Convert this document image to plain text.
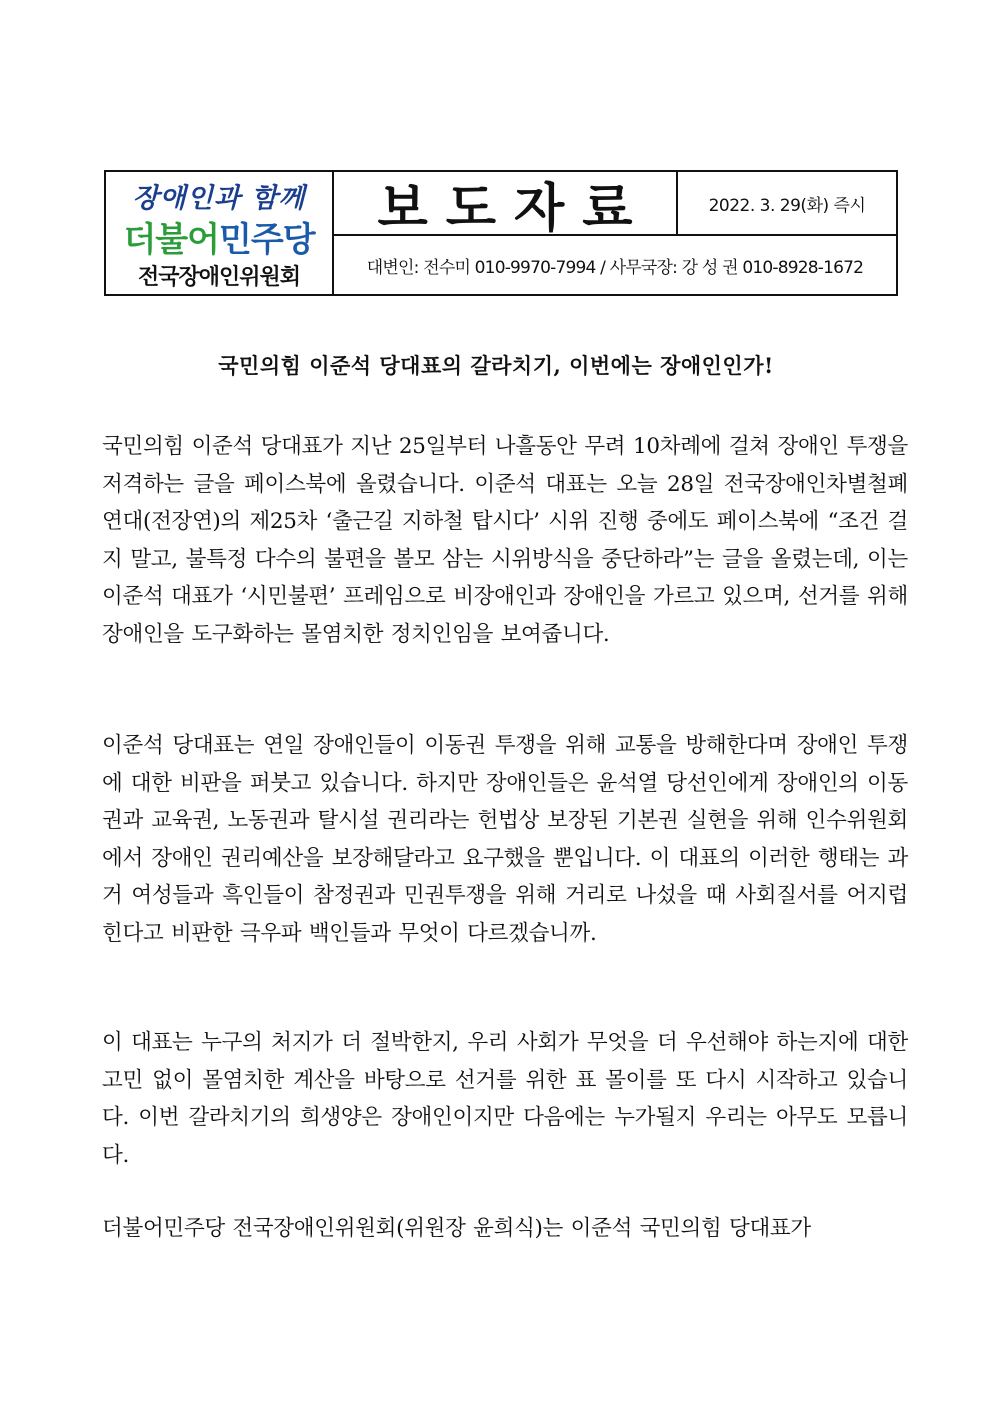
장애인과 함께
더불어민주당
전국장애인위원회
보도자료	2022. 3. 29(화) 즉시
대변인: 전수미 010-9970-7994 / 사무국장: 강 성 권 010-8928-1672
국민의힘 이준석 당대표의 갈라치기, 이번에는 장애인인가!

국민의힘 이준석 당대표가 지난 25일부터 나흘동안 무려 10차례에 걸쳐 장애인 투쟁을 저격하는 글을 페이스북에 올렸습니다. 이준석 대표는 오늘 28일 전국장애인차별철폐연대(전장연)의 제25차 ‘출근길 지하철 탑시다’ 시위 진행 중에도 페이스북에 “조건 걸지 말고, 불특정 다수의 불편을 볼모 삼는 시위방식을 중단하라”는 글을 올렸는데, 이는 이준석 대표가 ‘시민불편’ 프레임으로 비장애인과 장애인을 가르고 있으며, 선거를 위해 장애인을 도구화하는 몰염치한 정치인임을 보여줍니다.

이준석 당대표는 연일 장애인들이 이동권 투쟁을 위해 교통을 방해한다며 장애인 투쟁에 대한 비판을 퍼붓고 있습니다. 하지만 장애인들은 윤석열 당선인에게 장애인의 이동권과 교육권, 노동권과 탈시설 권리라는 헌법상 보장된 기본권 실현을 위해 인수위원회에서 장애인 권리예산을 보장해달라고 요구했을 뿐입니다. 이 대표의 이러한 행태는 과거 여성들과 흑인들이 참정권과 민권투쟁을 위해 거리로 나섰을 때 사회질서를 어지럽힌다고 비판한 극우파 백인들과 무엇이 다르겠습니까.

이 대표는 누구의 처지가 더 절박한지, 우리 사회가 무엇을 더 우선해야 하는지에 대한 고민 없이 몰염치한 계산을 바탕으로 선거를 위한 표 몰이를 또 다시 시작하고 있습니다. 이번 갈라치기의 희생양은 장애인이지만 다음에는 누가될지 우리는 아무도 모릅니다.

더불어민주당 전국장애인위원회(위원장 윤희식)는 이준석 국민의힘 당대표가
